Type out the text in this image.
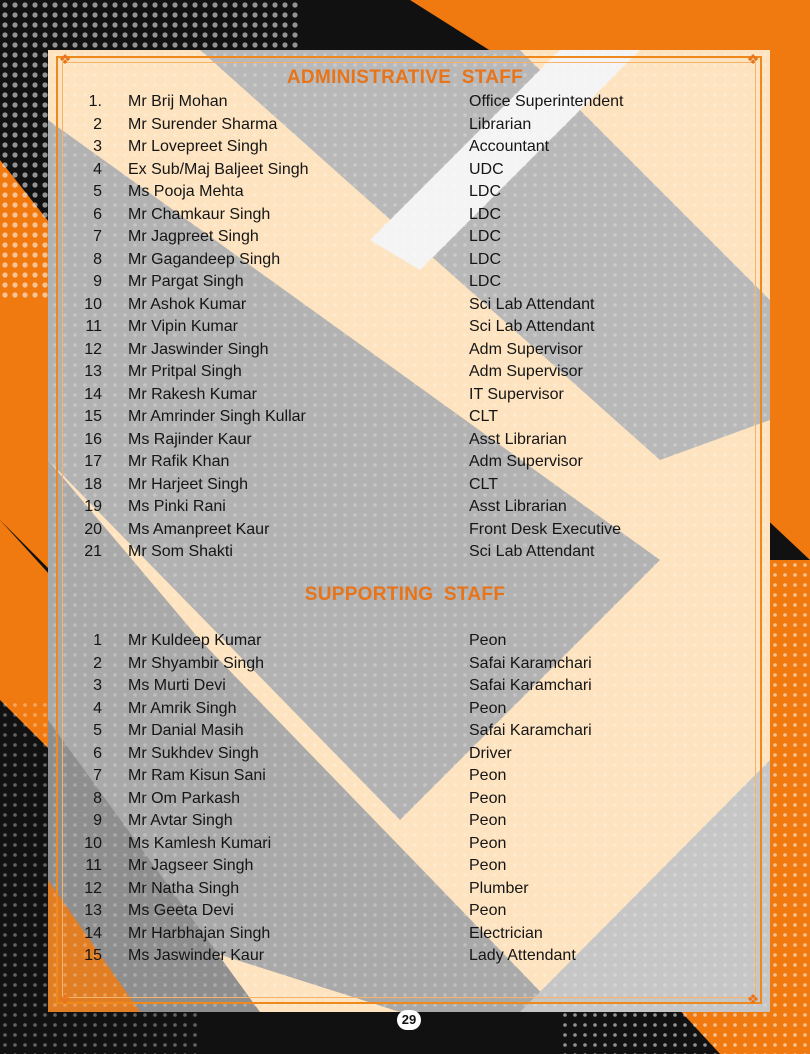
❖	❖
❖	❖
ADMINISTRATIVE STAFF
1. Mr Brij Mohan	Office Superintendent
2 Mr Surender Sharma	Librarian
3 Mr Lovepreet Singh	Accountant
4 Ex Sub/Maj Baljeet Singh	UDC
5 Ms Pooja Mehta	LDC
6 Mr Chamkaur Singh	LDC
7 Mr Jagpreet Singh	LDC
8 Mr Gagandeep Singh	LDC
9 Mr Pargat Singh	LDC
10 Mr Ashok Kumar	Sci Lab Attendant
11 Mr Vipin Kumar	Sci Lab Attendant
12 Mr Jaswinder Singh	Adm Supervisor
13 Mr Pritpal Singh	Adm Supervisor
14 Mr Rakesh Kumar	IT Supervisor
15 Mr Amrinder Singh Kullar	CLT
16 Ms Rajinder Kaur	Asst Librarian
17 Mr Rafik Khan	Adm Supervisor
18 Mr Harjeet Singh	CLT
19 Ms Pinki Rani	Asst Librarian
20 Ms Amanpreet Kaur	Front Desk Executive
21 Mr Som Shakti	Sci Lab Attendant
SUPPORTING STAFF
1 Mr Kuldeep Kumar	Peon
2 Mr Shyambir Singh	Safai Karamchari
3 Ms Murti Devi	Safai Karamchari
4 Mr Amrik Singh	Peon
5 Mr Danial Masih	Safai Karamchari
6 Mr Sukhdev Singh	Driver
7 Mr Ram Kisun Sani	Peon
8 Mr Om Parkash	Peon
9 Mr Avtar Singh	Peon
10 Ms Kamlesh Kumari	Peon
11 Mr Jagseer Singh	Peon
12 Mr Natha Singh	Plumber
13 Ms Geeta Devi	Peon
14 Mr Harbhajan Singh	Electrician
15 Ms Jaswinder Kaur	Lady Attendant
29
